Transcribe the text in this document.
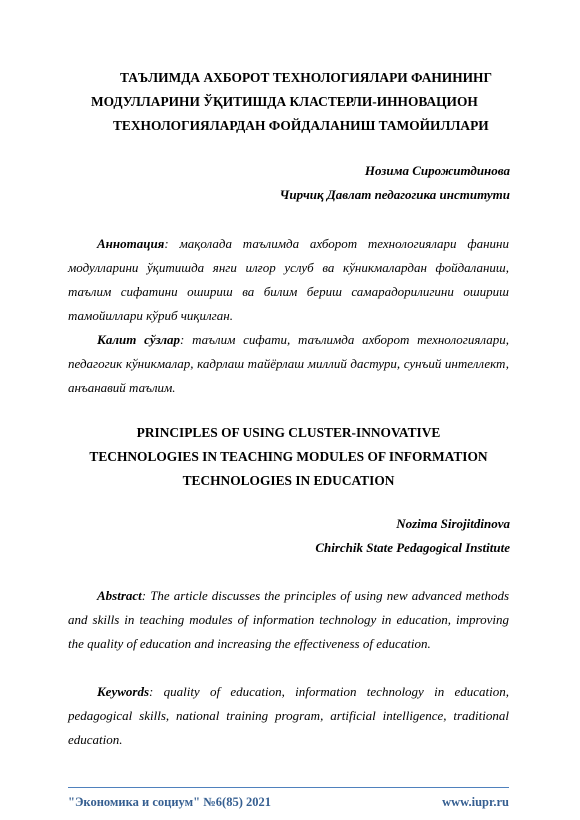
ТАЪЛИМДА АХБОРОТ ТЕХНОЛОГИЯЛАРИ ФАНИНИНГ
МОДУЛЛАРИНИ ЎҚИТИШДА КЛАСТЕРЛИ-ИННОВАЦИОН
ТЕХНОЛОГИЯЛАРДАН ФОЙДАЛАНИШ ТАМОЙИЛЛАРИ
Нозима Сирожитдинова
Чирчиқ Давлат педагогика институти
Аннотация: мақолада таълимда ахборот технологиялари фанини модулларини ўқитишда янги илғор услуб ва кўникмалардан фойдаланиш, таълим сифатини ошириш ва билим бериш самарадорилигини ошириш тамойиллари кўриб чиқилган.
Калит сўзлар: таълим сифати, таълимда ахборот технологиялари, педагогик кўникмалар, кадрлаш тайёрлаш миллий дастури, сунъий интеллект, анъанавий таълим.
PRINCIPLES OF USING CLUSTER-INNOVATIVE
TECHNOLOGIES IN TEACHING MODULES OF INFORMATION
TECHNOLOGIES IN EDUCATION
Nozima Sirojitdinova
Chirchik State Pedagogical Institute
Abstract: The article discusses the principles of using new advanced methods and skills in teaching modules of information technology in education, improving the quality of education and increasing the effectiveness of education.
Keywords: quality of education, information technology in education, pedagogical skills, national training program, artificial intelligence, traditional education.
"Экономика и социум" №6(85) 2021	www.iupr.ru
